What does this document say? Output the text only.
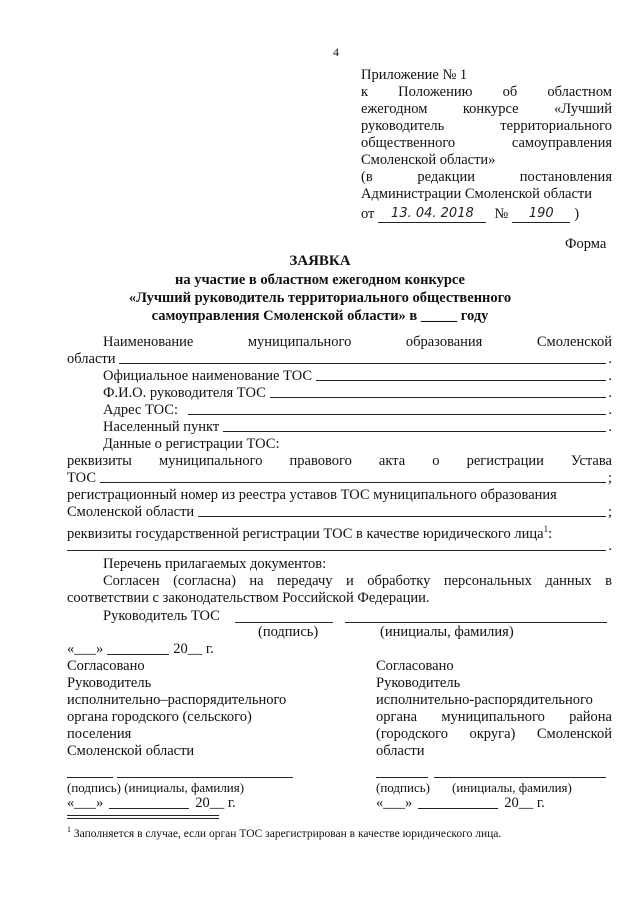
4
Приложение № 1
к Положению об областном
ежегодном конкурсе «Лучший
руководитель	территориального
общественного	самоуправления
Смоленской области»
(в	редакции	постановления
Администрации Смоленской области
от	13. 04. 2018	№	190	)
Форма
ЗАЯВКА
на участие в областном ежегодном конкурсе
«Лучший руководитель территориального общественного
самоуправления Смоленской области» в _____ году
Наименование	муниципального	образования	Смоленской
области	.
Официальное наименование ТОС	.
Ф.И.О. руководителя ТОС	.
Адрес ТОС:	.
Населенный пункт	.
Данные о регистрации ТОС:
реквизиты муниципального правового акта о регистрации Устава
ТОС	;
регистрационный номер из реестра уставов ТОС муниципального образования
Смоленской области	;
реквизиты государственной регистрации ТОС в качестве юридического лица$^1$:
.
Перечень прилагаемых документов:
Согласен (согласна) на передачу и обработку персональных данных в
соответствии с законодательством Российской Федерации.
Руководитель ТОС
(подпись)	(инициалы, фамилия)
«___»	20__ г.
Согласовано
Руководитель
исполнительно–распорядительного
органа городского (сельского)
поселения
Смоленской области
(подпись) (инициалы, фамилия)
«___»	20__ г.
Согласовано
Руководитель
исполнительно-распорядительного
органа муниципального района
(городского округа) Смоленской
области
(подпись) (инициалы, фамилия)
«___»	20__ г.
$^1$ Заполняется в случае, если орган ТОС зарегистрирован в качестве юридического лица.
